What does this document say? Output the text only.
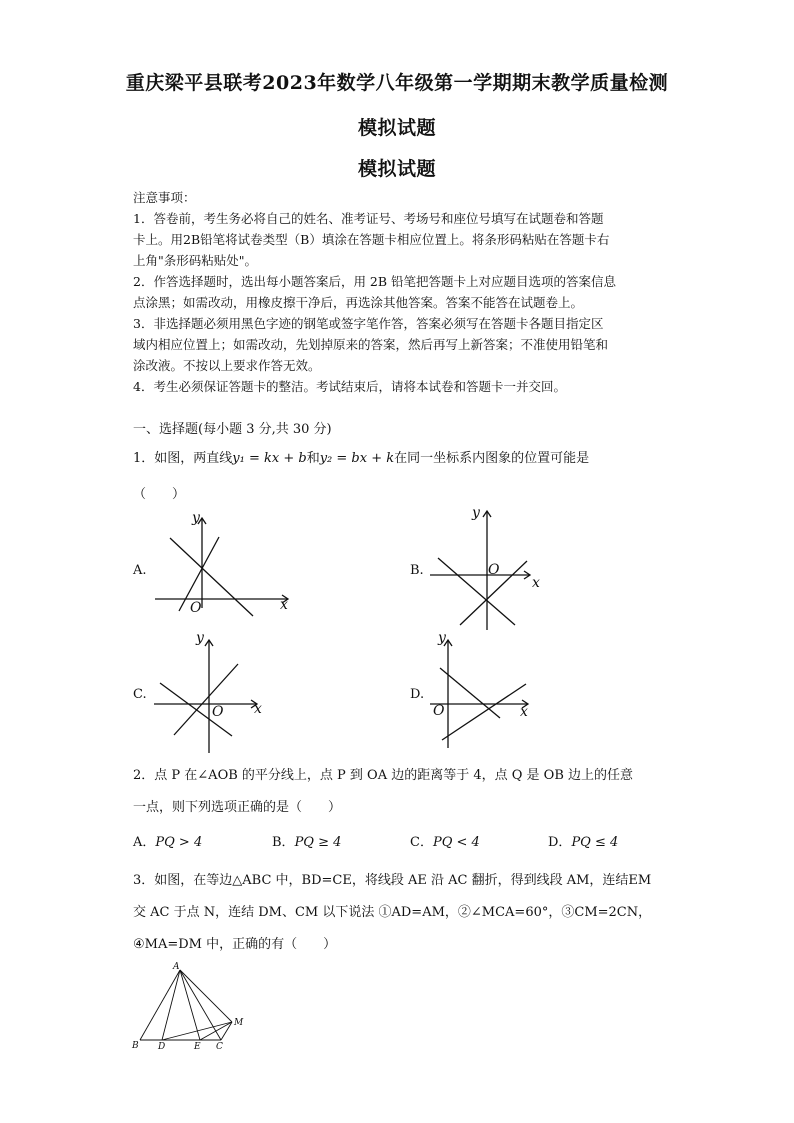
重庆梁平县联考2023年数学八年级第一学期期末教学质量检测
模拟试题
模拟试题
注意事项：
1．答卷前，考生务必将自己的姓名、准考证号、考场号和座位号填写在试题卷和答题
卡上。用2B铅笔将试卷类型（B）填涂在答题卡相应位置上。将条形码粘贴在答题卡右
上角"条形码粘贴处"。
2．作答选择题时，选出每小题答案后，用 2B 铅笔把答题卡上对应题目选项的答案信息
点涂黑；如需改动，用橡皮擦干净后，再选涂其他答案。答案不能答在试题卷上。
3．非选择题必须用黑色字迹的钢笔或签字笔作答，答案必须写在答题卡各题目指定区
域内相应位置上；如需改动，先划掉原来的答案，然后再写上新答案；不准使用铅笔和
涂改液。不按以上要求作答无效。
4．考生必须保证答题卡的整洁。考试结束后，请将本试卷和答题卡一并交回。
一、选择题(每小题 3 分,共 30 分)
1．如图，两直线y₁ = kx + b和y₂ = bx + k在同一坐标系内图象的位置可能是
（　　）
A.
x
y
O
B.
x
y
O
C.
x
y
O
D.
x
y
O
2．点 P 在∠AOB 的平分线上，点 P 到 OA 边的距离等于 4，点 Q 是 OB 边上的任意
一点，则下列选项正确的是（　　）
A．PQ > 4	B．PQ ≥ 4	C．PQ < 4	D．PQ ≤ 4
3．如图，在等边△ABC 中，BD=CE，将线段 AE 沿 AC 翻折，得到线段 AM，连结EM
交 AC 于点 N，连结 DM、CM 以下说法 ①AD=AM，②∠MCA=60°，③CM=2CN，
④MA=DM 中，正确的有（　　）
A
B D	E C
M
